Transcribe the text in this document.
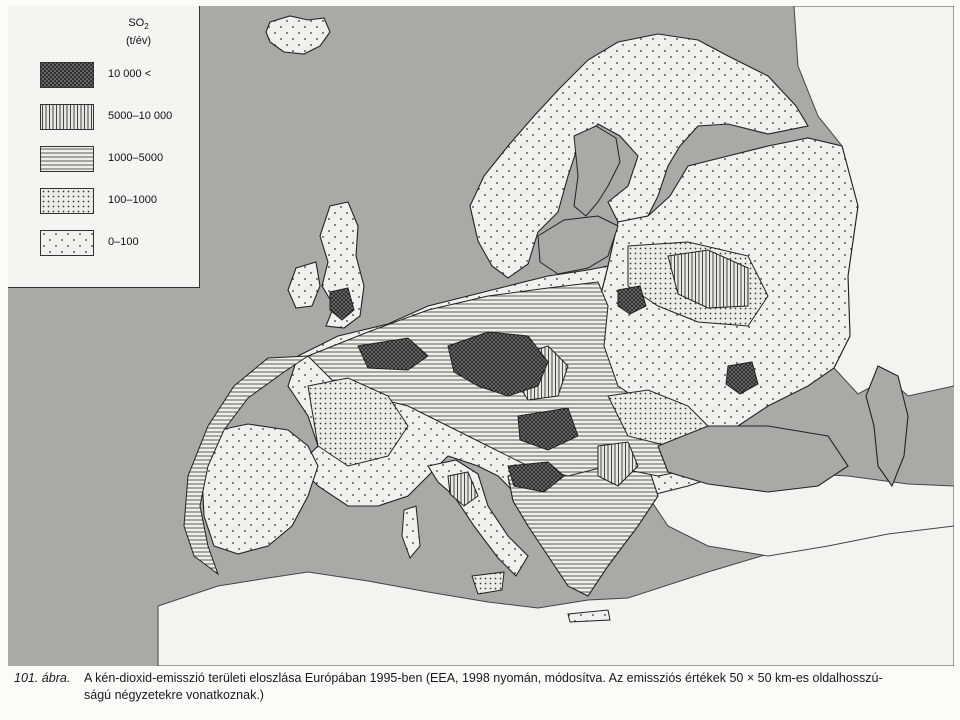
$SO_2$
(t/év)
10 000 <
5000–10 000
1000–5000
100–1000
0–100
101. ábra. A kén-dioxid-emisszió területi eloszlása Európában 1995-ben (EEA, 1998 nyomán, módosítva. Az emissziós értékek 50 × 50 km-es oldalhosszú-
ságú négyzetekre vonatkoznak.)
